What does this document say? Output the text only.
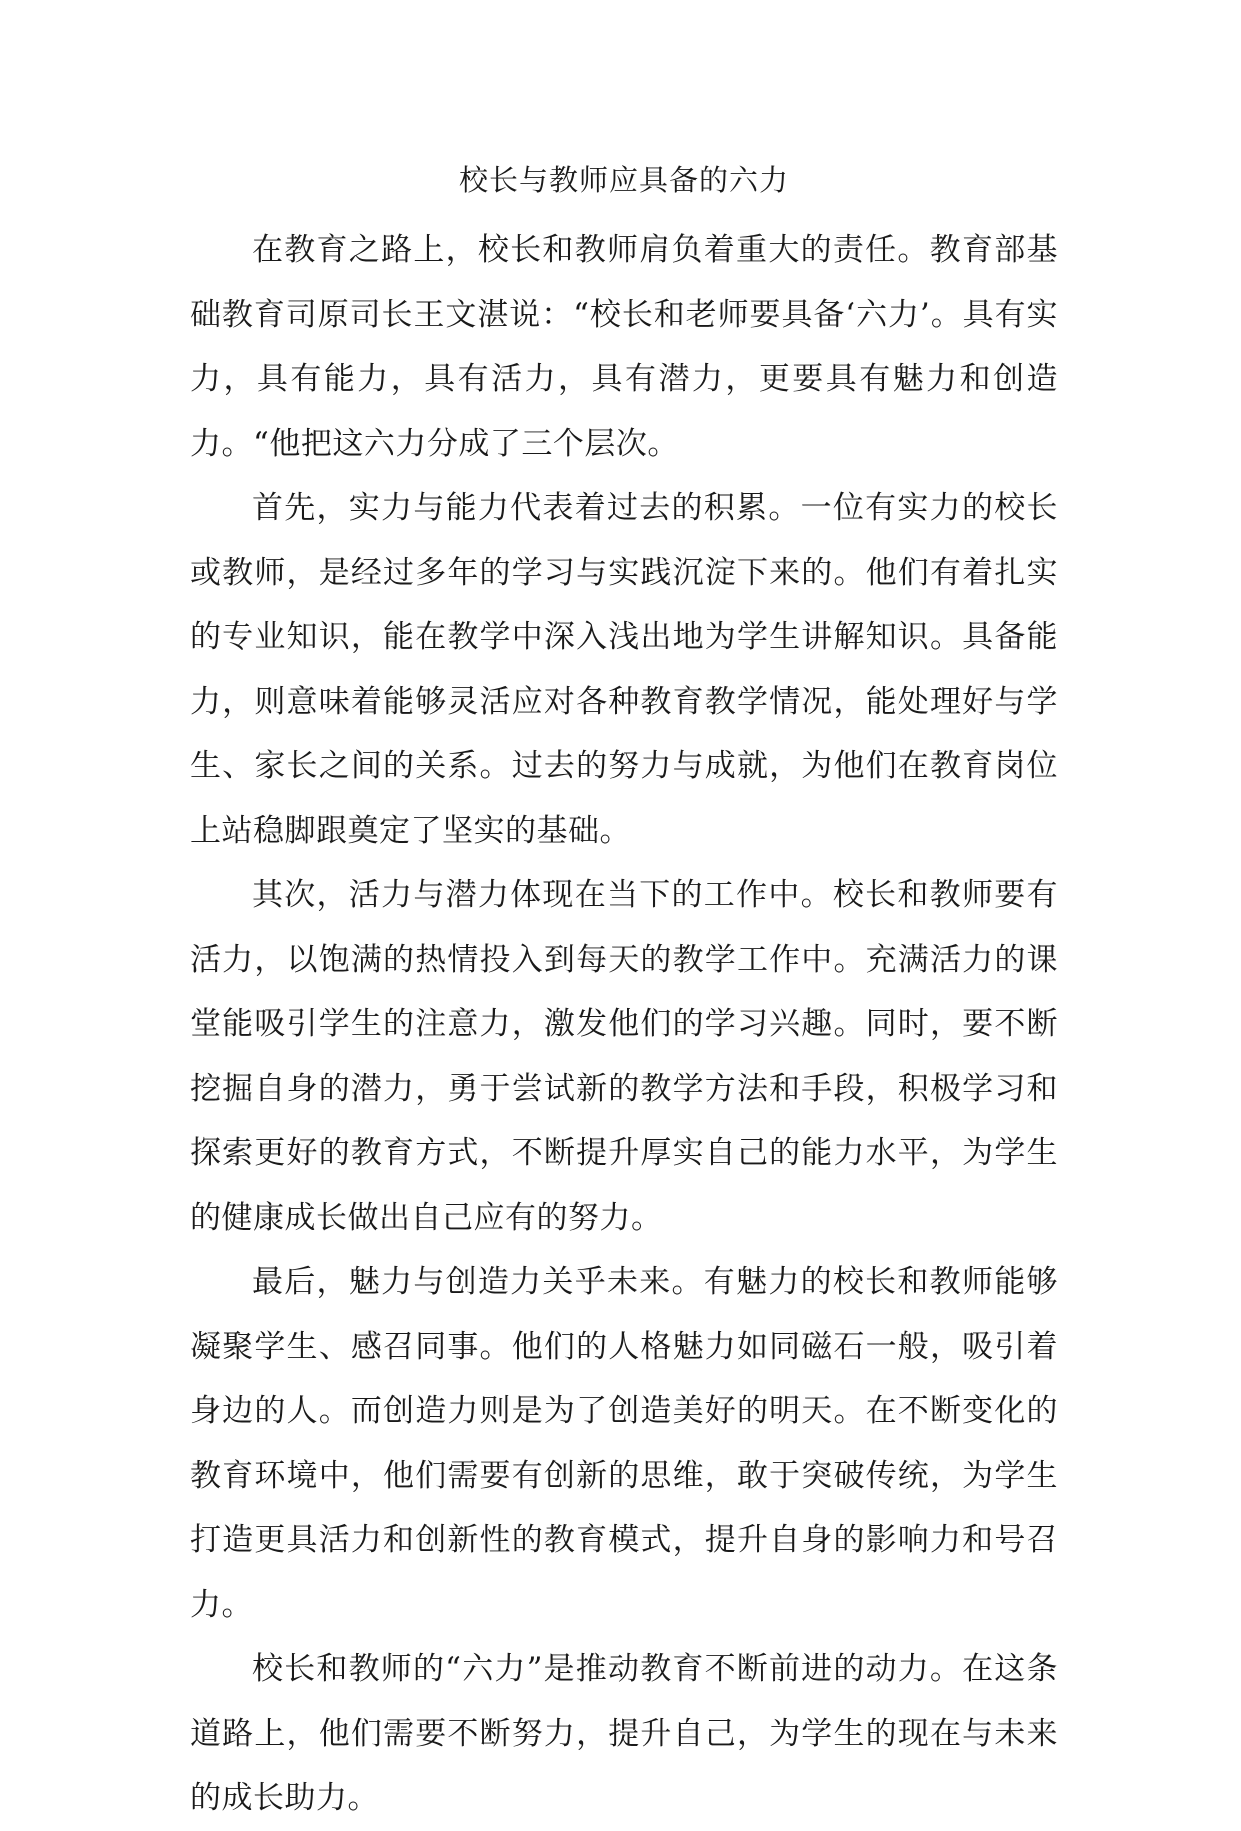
校长与教师应具备的六力

在教育之路上，校长和教师肩负着重大的责任。教育部基础教育司原司长王文湛说：“校长和老师要具备‘六力’。具有实力，具有能力，具有活力，具有潜力，更要具有魅力和创造力。“他把这六力分成了三个层次。

首先，实力与能力代表着过去的积累。一位有实力的校长或教师，是经过多年的学习与实践沉淀下来的。他们有着扎实的专业知识，能在教学中深入浅出地为学生讲解知识。具备能力，则意味着能够灵活应对各种教育教学情况，能处理好与学生、家长之间的关系。过去的努力与成就，为他们在教育岗位上站稳脚跟奠定了坚实的基础。

其次，活力与潜力体现在当下的工作中。校长和教师要有活力，以饱满的热情投入到每天的教学工作中。充满活力的课堂能吸引学生的注意力，激发他们的学习兴趣。同时，要不断挖掘自身的潜力，勇于尝试新的教学方法和手段，积极学习和探索更好的教育方式，不断提升厚实自己的能力水平，为学生的健康成长做出自己应有的努力。

最后，魅力与创造力关乎未来。有魅力的校长和教师能够凝聚学生、感召同事。他们的人格魅力如同磁石一般，吸引着身边的人。而创造力则是为了创造美好的明天。在不断变化的教育环境中，他们需要有创新的思维，敢于突破传统，为学生打造更具活力和创新性的教育模式，提升自身的影响力和号召力。

校长和教师的“六力”是推动教育不断前进的动力。在这条道路上，他们需要不断努力，提升自己，为学生的现在与未来的成长助力。
